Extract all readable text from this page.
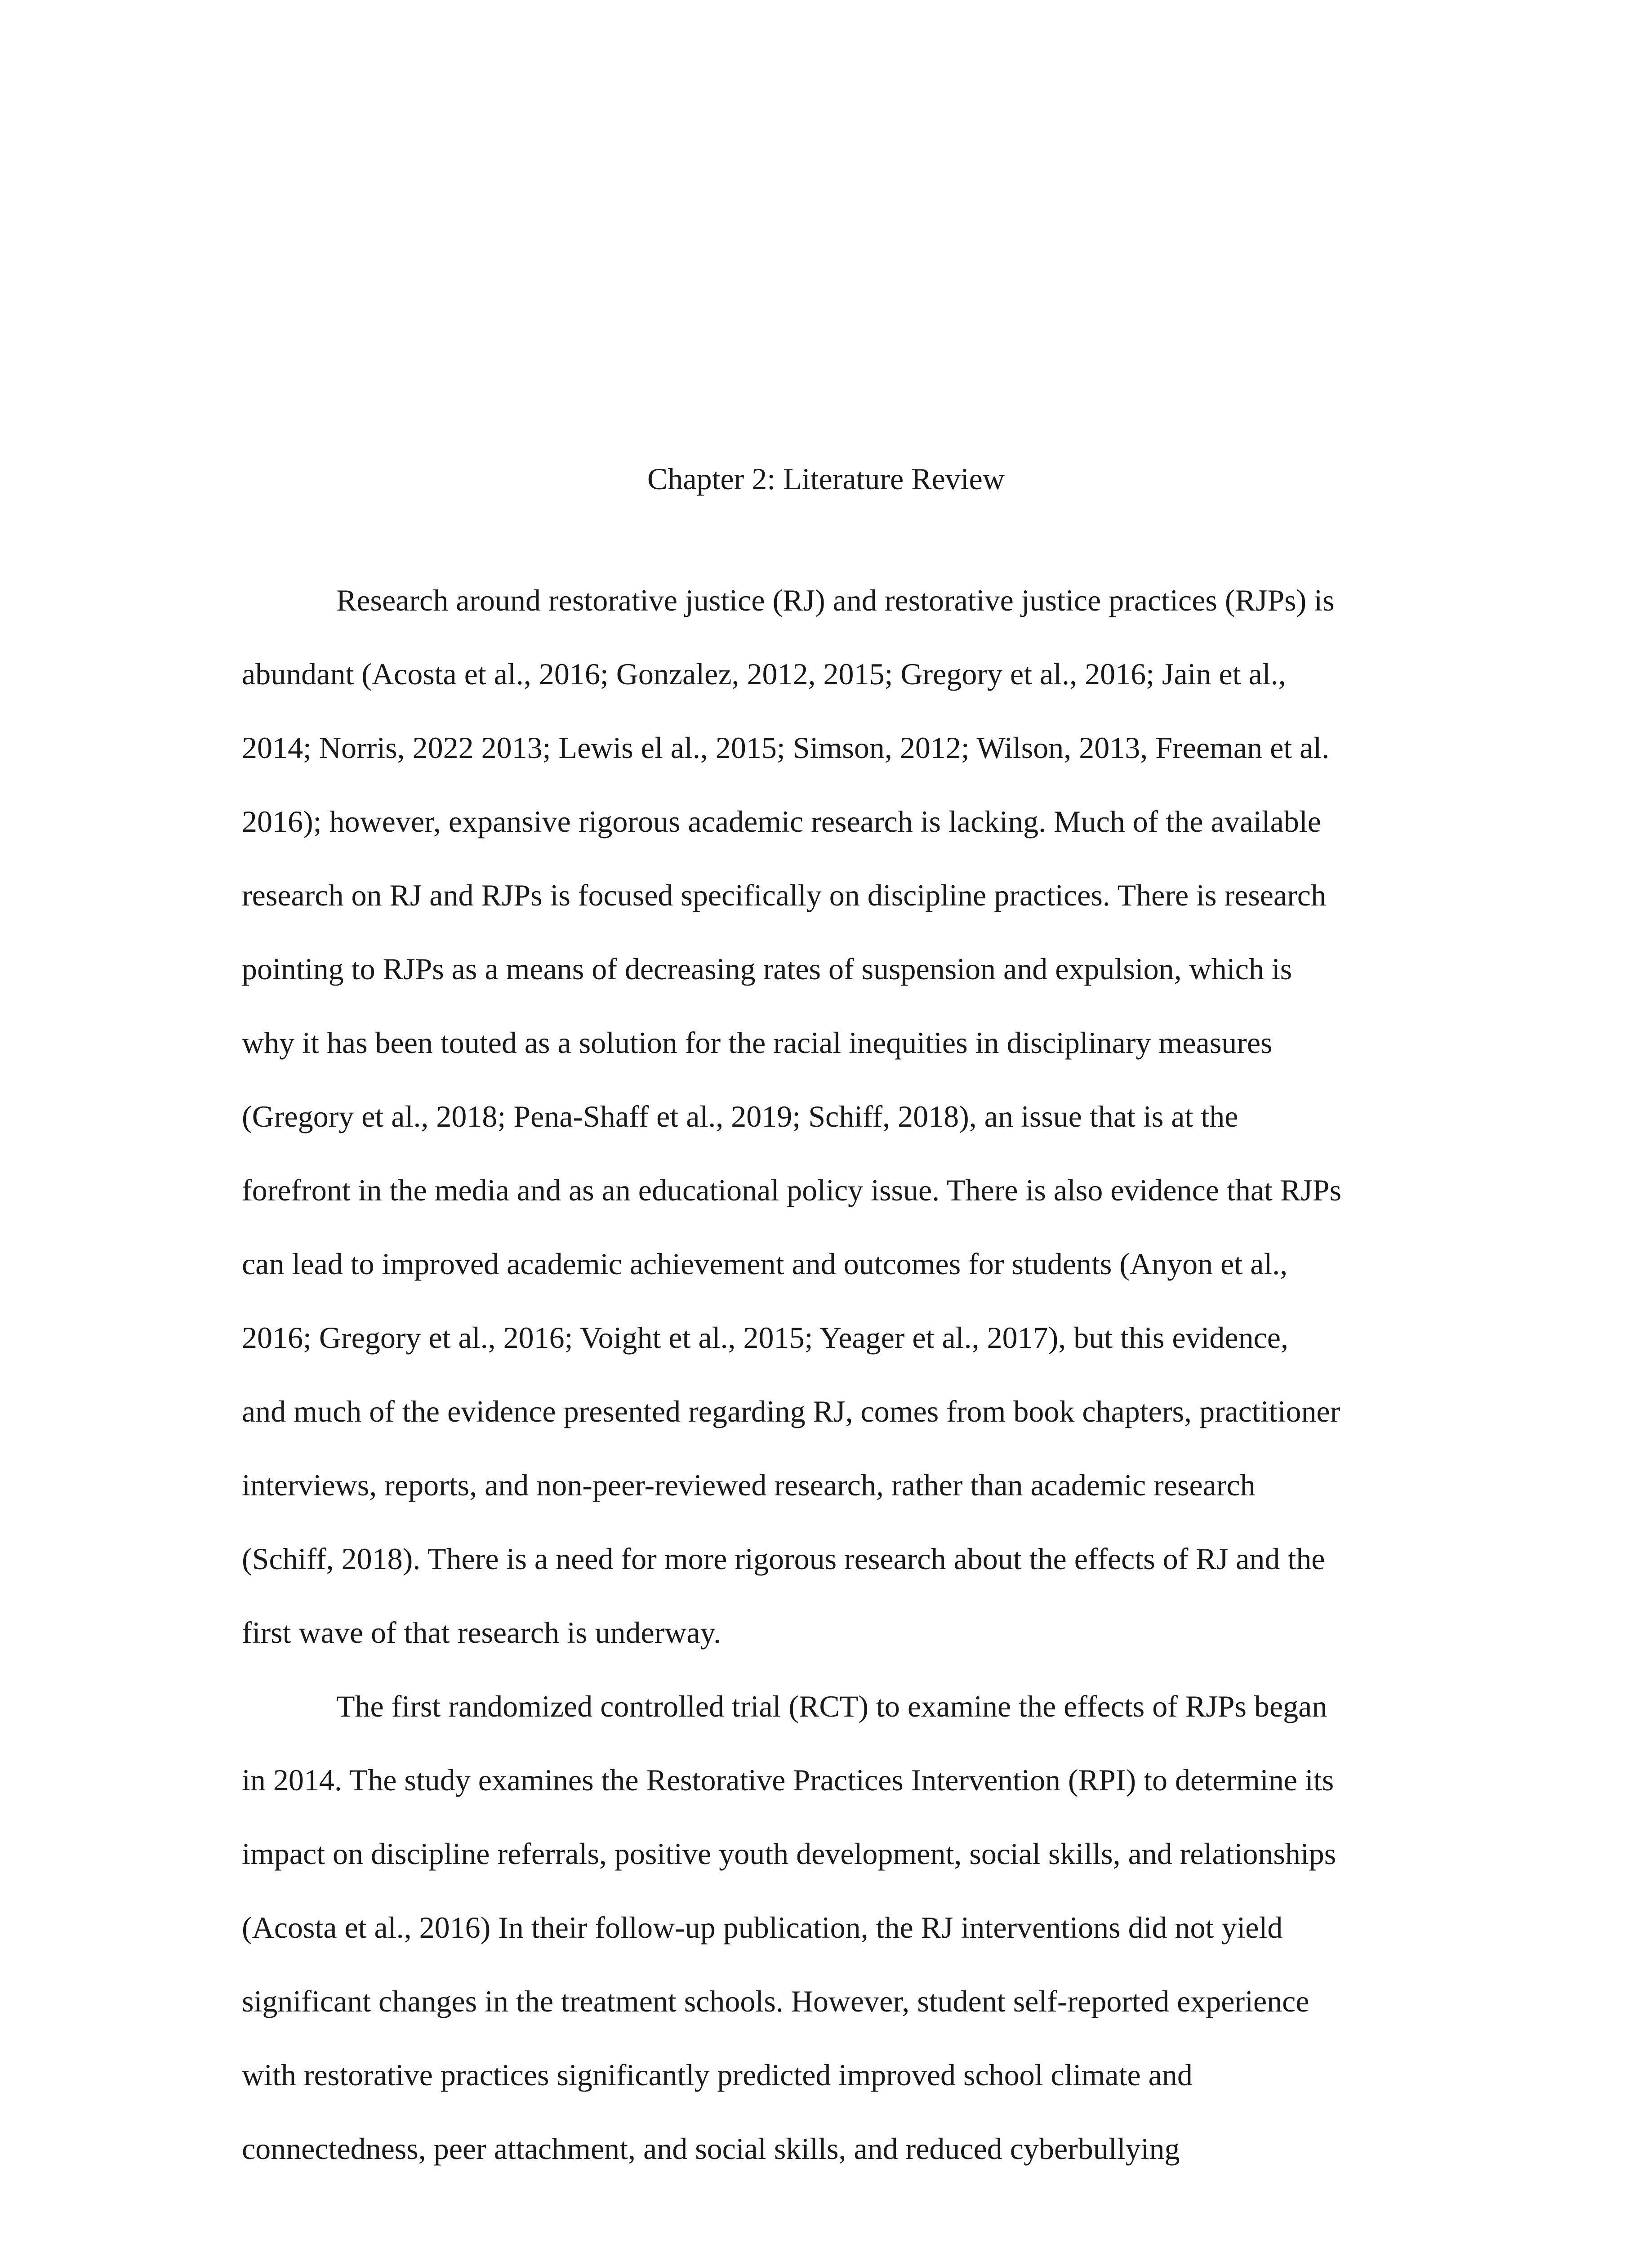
Chapter 2: Literature Review

Research around restorative justice (RJ) and restorative justice practices (RJPs) is

abundant (Acosta et al., 2016; Gonzalez, 2012, 2015; Gregory et al., 2016; Jain et al.,

2014; Norris, 2022 2013; Lewis el al., 2015; Simson, 2012; Wilson, 2013, Freeman et al.

2016); however, expansive rigorous academic research is lacking. Much of the available

research on RJ and RJPs is focused specifically on discipline practices. There is research

pointing to RJPs as a means of decreasing rates of suspension and expulsion, which is

why it has been touted as a solution for the racial inequities in disciplinary measures

(Gregory et al., 2018; Pena-Shaff et al., 2019; Schiff, 2018), an issue that is at the

forefront in the media and as an educational policy issue. There is also evidence that RJPs

can lead to improved academic achievement and outcomes for students (Anyon et al.,

2016; Gregory et al., 2016; Voight et al., 2015; Yeager et al., 2017), but this evidence,

and much of the evidence presented regarding RJ, comes from book chapters, practitioner

interviews, reports, and non-peer-reviewed research, rather than academic research

(Schiff, 2018). There is a need for more rigorous research about the effects of RJ and the

first wave of that research is underway.

The first randomized controlled trial (RCT) to examine the effects of RJPs began

in 2014. The study examines the Restorative Practices Intervention (RPI) to determine its

impact on discipline referrals, positive youth development, social skills, and relationships

(Acosta et al., 2016) In their follow-up publication, the RJ interventions did not yield

significant changes in the treatment schools. However, student self-reported experience

with restorative practices significantly predicted improved school climate and

connectedness, peer attachment, and social skills, and reduced cyberbullying
